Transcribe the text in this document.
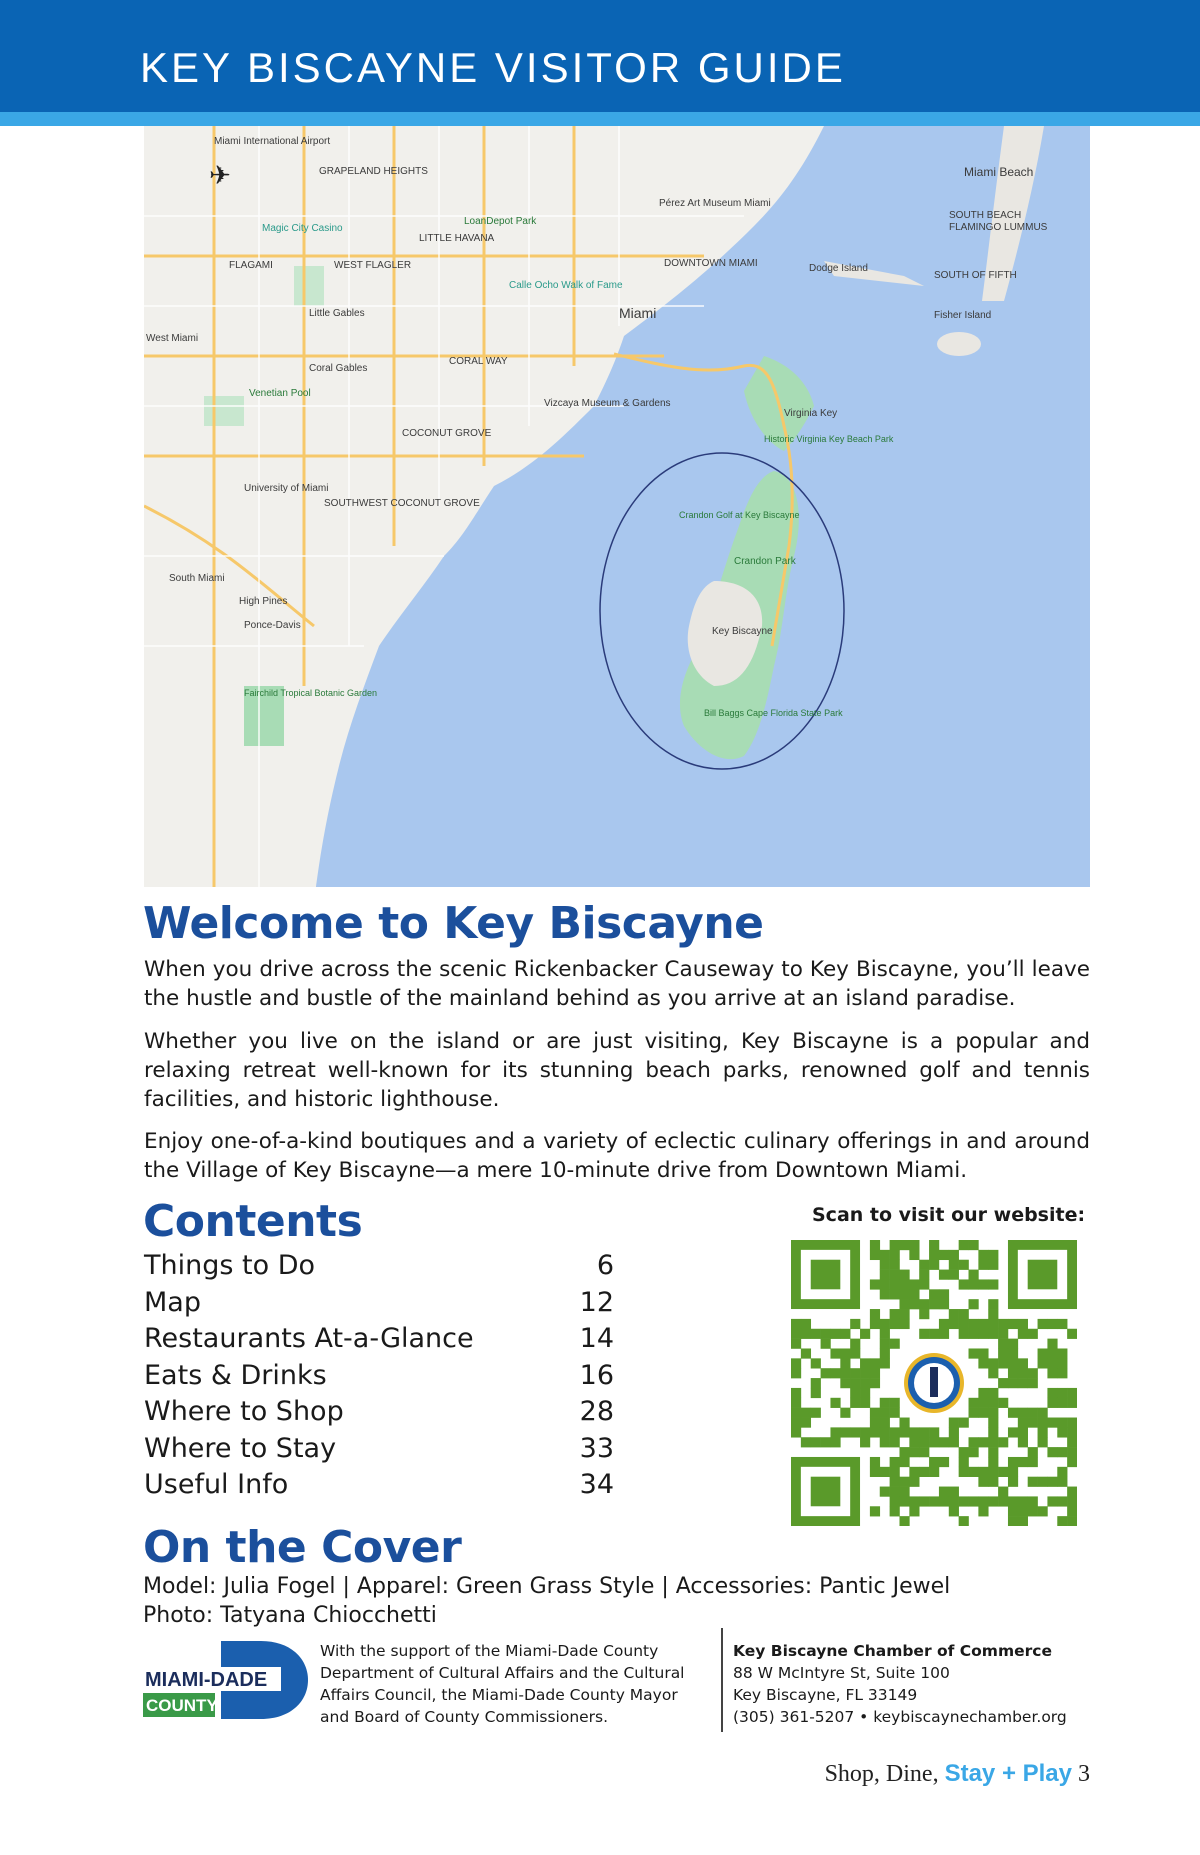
KEY BISCAYNE VISITOR GUIDE
Miami International Airport
GRAPELAND HEIGHTS	Miami Beach
Pérez Art Museum Miami
Magic City Casino
LoanDepot Park
LITTLE HAVANA
FLAGAMI	WEST FLAGLER	DOWNTOWN MIAMI
SOUTH BEACH
FLAMINGO LUMMUS
Dodge Island
SOUTH OF FIFTH
Calle Ocho Walk of Fame
Little Gables	Miami	Fisher Island
West Miami
Coral Gables
CORAL WAY
Venetian Pool
Vizcaya Museum & Gardens
Virginia Key
Historic Virginia Key Beach Park
COCONUT GROVE
University of Miami
SOUTHWEST COCONUT GROVE
Crandon Golf at Key Biscayne
Crandon Park
South Miami
High Pines
Ponce-Davis
Key Biscayne
Fairchild Tropical Botanic Garden
Bill Baggs Cape Florida State Park
✈
Welcome to Key Biscayne

When you drive across the scenic Rickenbacker Causeway to Key Biscayne, you’ll leave the hustle and bustle of the mainland behind as you arrive at an island paradise.

Whether you live on the island or are just visiting, Key Biscayne is a popular and relaxing retreat well-known for its stunning beach parks, renowned golf and tennis facilities, and historic lighthouse.

Enjoy one-of-a-kind boutiques and a variety of eclectic culinary offerings in and around the Village of Key Biscayne—a mere 10-minute drive from Downtown Miami.

Contents
Things to Do	6
Map	12
Restaurants At-a-Glance	14
Eats & Drinks	16
Where to Shop	28
Where to Stay	33
Useful Info	34
Scan to visit our website:
On the Cover
Model: Julia Fogel | Apparel: Green Grass Style | Accessories: Pantic Jewel
Photo: Tatyana Chiocchetti
MIAMI-DADE
COUNTY
With the support of the Miami-Dade County
Department of Cultural Affairs and the Cultural
Affairs Council, the Miami-Dade County Mayor
and Board of County Commissioners.
Key Biscayne Chamber of Commerce
88 W McIntyre St, Suite 100
Key Biscayne, FL 33149
(305) 361-5207 • keybiscaynechamber.org
Shop, Dine, Stay + Play 3
